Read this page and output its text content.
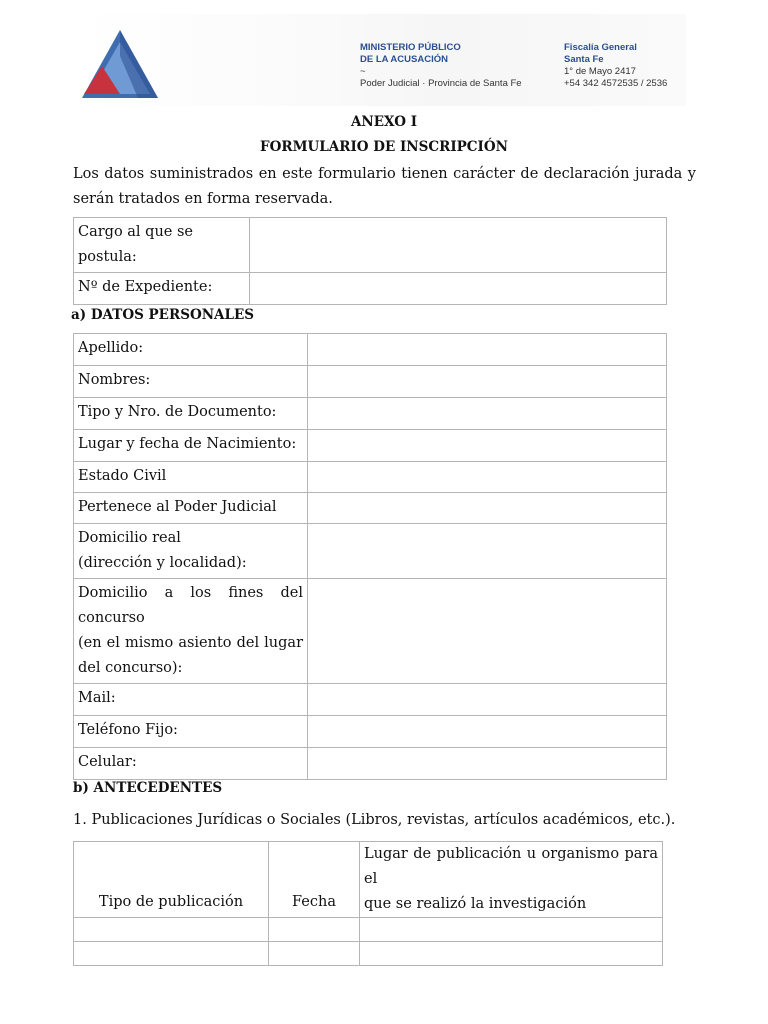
MINISTERIO PÚBLICO
DE LA ACUSACIÓN
~
Poder Judicial · Provincia de Santa Fe
Fiscalía General
Santa Fe
1° de Mayo 2417
+54 342 4572535 / 2536
ANEXO I
FORMULARIO DE INSCRIPCIÓN
Los datos suministrados en este formulario tienen carácter de declaración jurada y serán tratados en forma reservada.
Cargo al que se postula:	
Nº de Expediente:	
a) DATOS PERSONALES
Apellido:	
Nombres:	
Tipo y Nro. de Documento:	
Lugar y fecha de Nacimiento:	
Estado Civil	
Pertenece al Poder Judicial	

Domicilio real
(dirección y localidad):	

Domicilio a los fines del concurso
(en el mismo asiento del lugar
del concurso):	

Mail:	
Teléfono Fijo:	
Celular:	
b) ANTECEDENTES
1. Publicaciones Jurídicas o Sociales (Libros, revistas, artículos académicos, etc.).
Tipo de publicación	Fecha	Lugar de publicación u organismo para el
que se realizó la investigación
